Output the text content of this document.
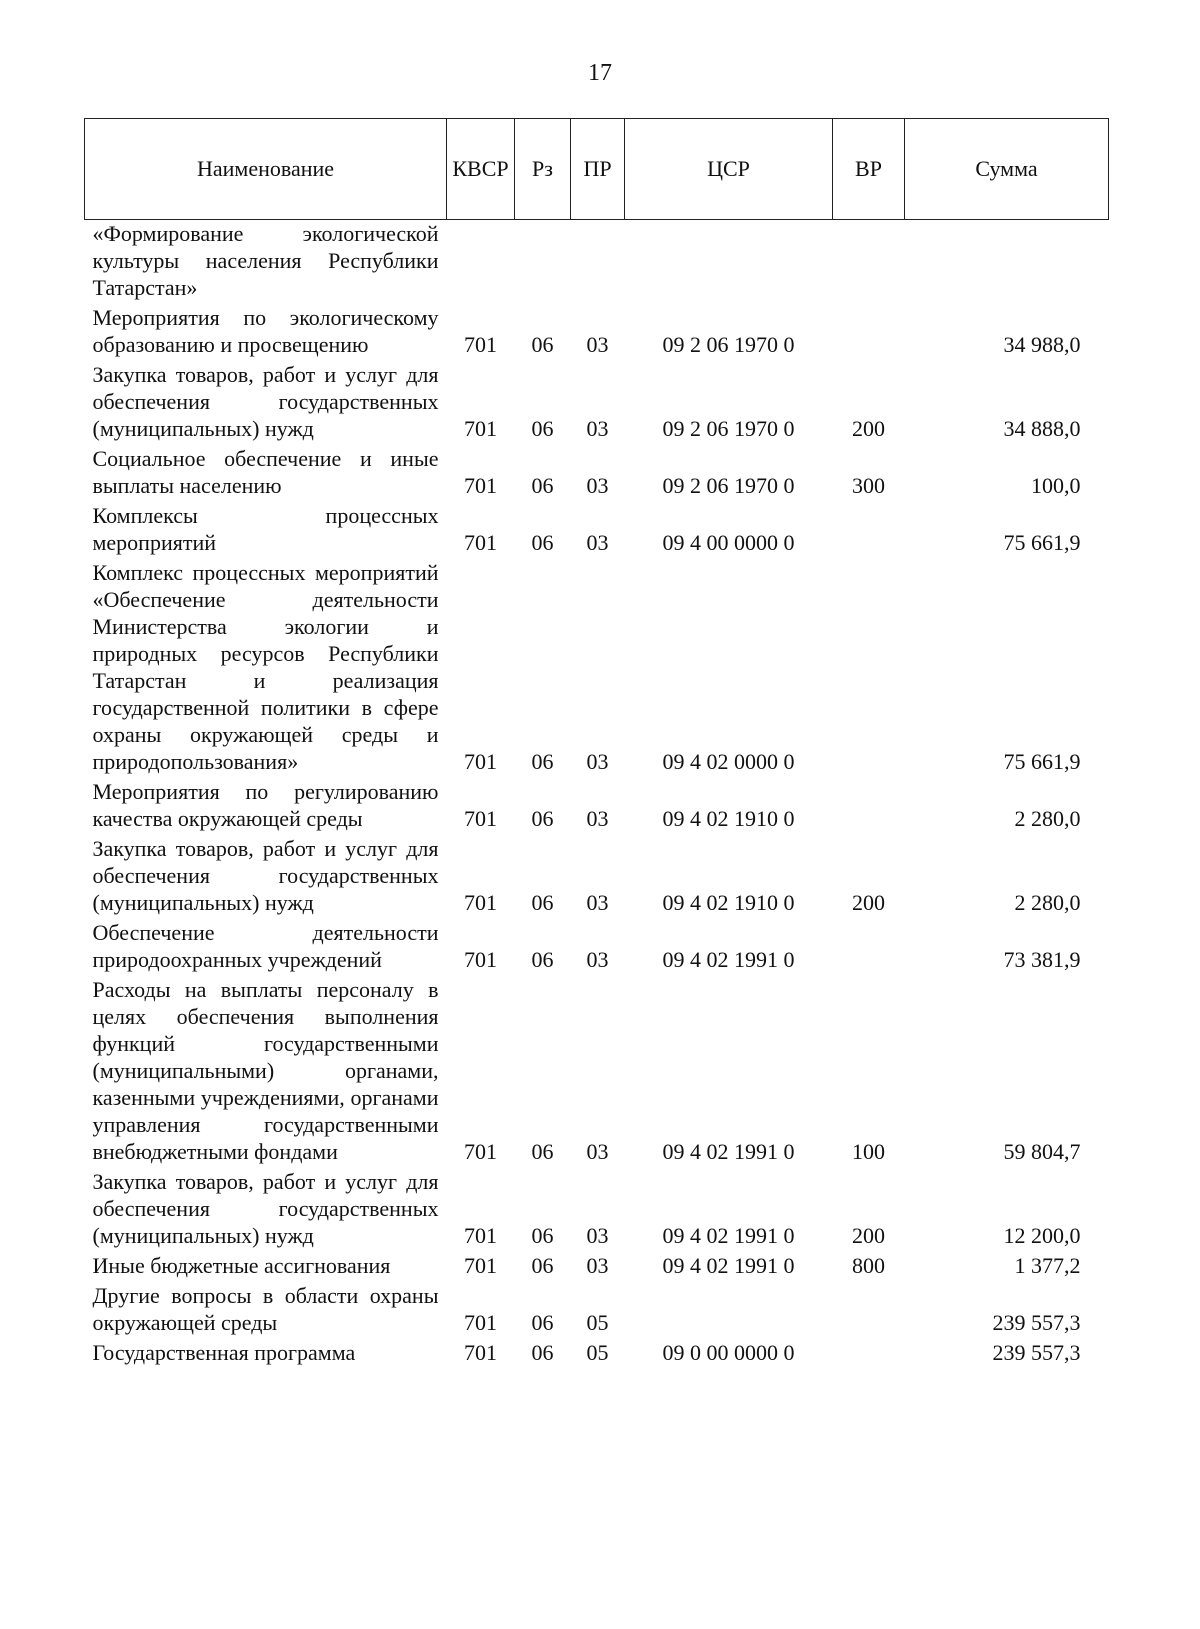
17
Наименование	КВСР	Рз	ПР	ЦСР	ВР	Сумма
«Формирование экологической культуры населения Республики Татарстан»						
Мероприятия по экологическому образованию и просвещению	701	06	03	09 2 06 1970 0		34 988,0
Закупка товаров, работ и услуг для обеспечения государственных (муниципальных) нужд	701	06	03	09 2 06 1970 0	200	34 888,0
Социальное обеспечение и иные выплаты населению	701	06	03	09 2 06 1970 0	300	100,0
Комплексы процессных мероприятий	701	06	03	09 4 00 0000 0		75 661,9
Комплекс процессных мероприятий «Обеспечение деятельности Министерства экологии и природных ресурсов Республики Татарстан и реализация государственной политики в сфере охраны окружающей среды и природопользования»	701	06	03	09 4 02 0000 0		75 661,9
Мероприятия по регулированию качества окружающей среды	701	06	03	09 4 02 1910 0		2 280,0
Закупка товаров, работ и услуг для обеспечения государственных (муниципальных) нужд	701	06	03	09 4 02 1910 0	200	2 280,0
Обеспечение деятельности природоохранных учреждений	701	06	03	09 4 02 1991 0		73 381,9
Расходы на выплаты персоналу в целях обеспечения выполнения функций государственными (муниципальными) органами, казенными учреждениями, органами управления государственными внебюджетными фондами	701	06	03	09 4 02 1991 0	100	59 804,7
Закупка товаров, работ и услуг для обеспечения государственных (муниципальных) нужд	701	06	03	09 4 02 1991 0	200	12 200,0
Иные бюджетные ассигнования	701	06	03	09 4 02 1991 0	800	1 377,2
Другие вопросы в области охраны окружающей среды	701	06	05			239 557,3
Государственная программа	701	06	05	09 0 00 0000 0		239 557,3
